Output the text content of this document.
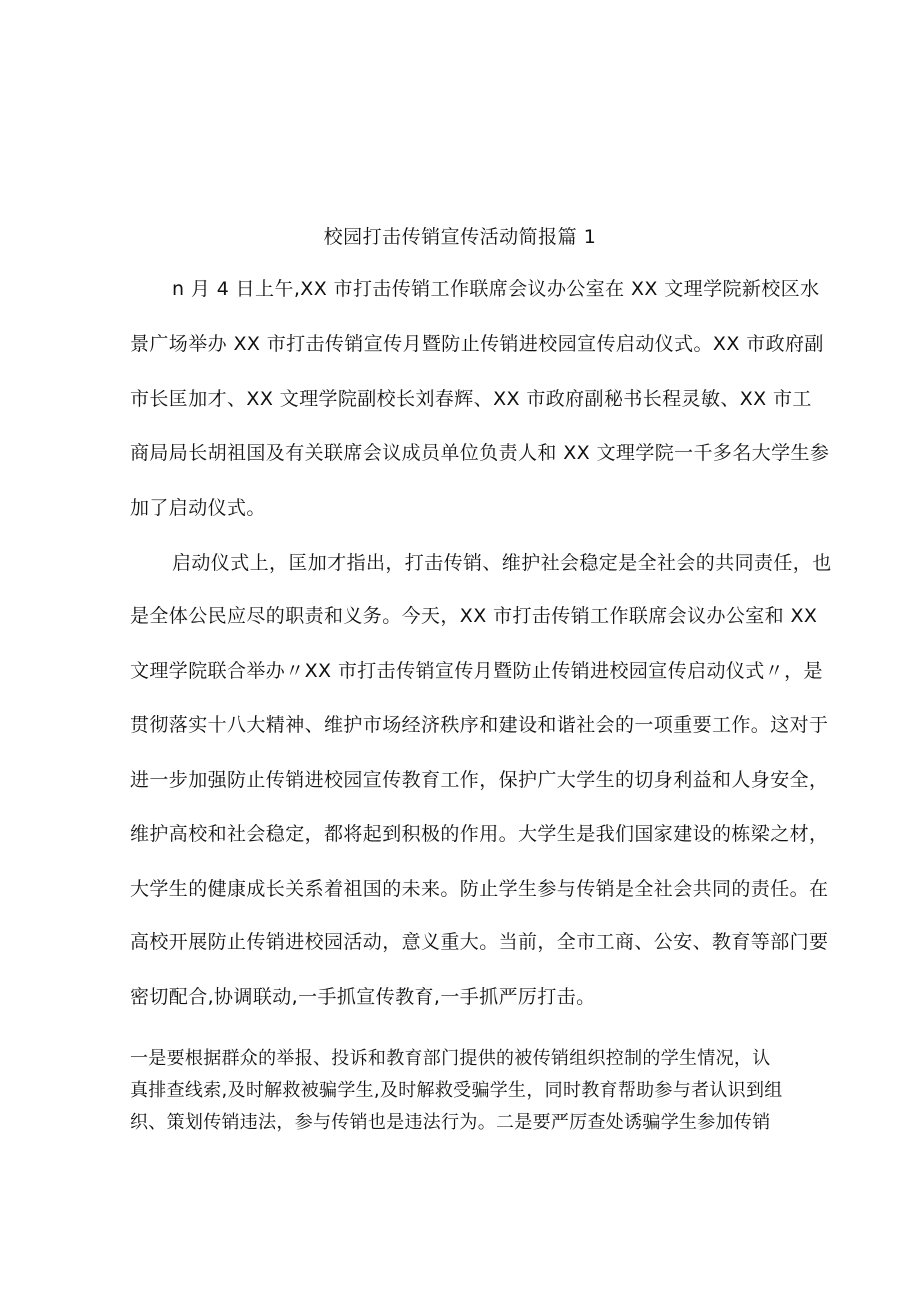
校园打击传销宣传活动简报篇 1
n 月 4 日上午,XX 市打击传销工作联席会议办公室在 XX 文理学院新校区水
景广场举办 XX 市打击传销宣传月暨防止传销进校园宣传启动仪式。XX 市政府副
市长匡加才、XX 文理学院副校长刘春辉、XX 市政府副秘书长程灵敏、XX 市工
商局局长胡祖国及有关联席会议成员单位负责人和 XX 文理学院一千多名大学生参
加了启动仪式。
启动仪式上，匡加才指出，打击传销、维护社会稳定是全社会的共同责任，也
是全体公民应尽的职责和义务。今天，XX 市打击传销工作联席会议办公室和 XX
文理学院联合举办〃XX 市打击传销宣传月暨防止传销进校园宣传启动仪式〃，是
贯彻落实十八大精神、维护市场经济秩序和建设和谐社会的一项重要工作。这对于
进一步加强防止传销进校园宣传教育工作，保护广大学生的切身利益和人身安全，
维护高校和社会稳定，都将起到积极的作用。大学生是我们国家建设的栋梁之材，
大学生的健康成长关系着祖国的未来。防止学生参与传销是全社会共同的责任。在
高校开展防止传销进校园活动，意义重大。当前，全市工商、公安、教育等部门要
密切配合,协调联动,一手抓宣传教育,一手抓严厉打击。
一是要根据群众的举报、投诉和教育部门提供的被传销组织控制的学生情况，认
真排查线索,及时解救被骗学生,及时解救受骗学生，同时教育帮助参与者认识到组
织、策划传销违法，参与传销也是违法行为。二是要严厉查处诱骗学生参加传销
